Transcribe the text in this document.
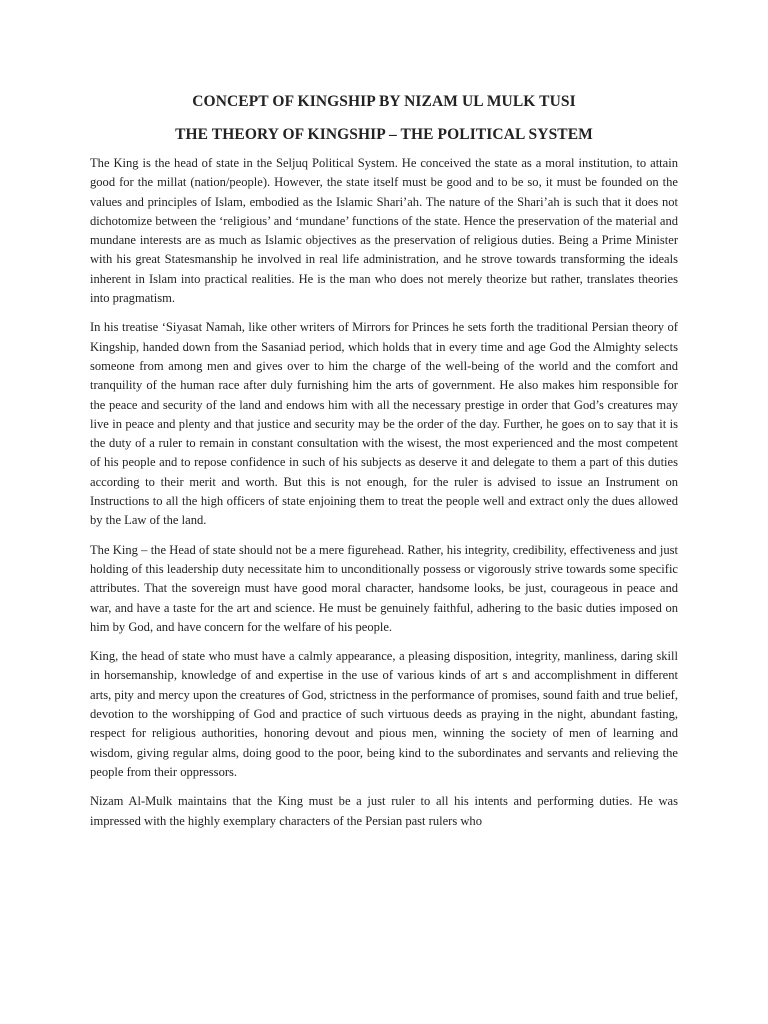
CONCEPT OF KINGSHIP BY NIZAM UL MULK TUSI
THE THEORY OF KINGSHIP – THE POLITICAL SYSTEM

The King is the head of state in the Seljuq Political System. He conceived the state as a moral institution, to attain good for the millat (nation/people). However, the state itself must be good and to be so, it must be founded on the values and principles of Islam, embodied as the Islamic Shari’ah. The nature of the Shari’ah is such that it does not dichotomize between the ‘religious’ and ‘mundane’ functions of the state. Hence the preservation of the material and mundane interests are as much as Islamic objectives as the preservation of religious duties. Being a Prime Minister with his great Statesmanship he involved in real life administration, and he strove towards transforming the ideals inherent in Islam into practical realities. He is the man who does not merely theorize but rather, translates theories into pragmatism.

In his treatise ‘Siyasat Namah, like other writers of Mirrors for Princes he sets forth the traditional Persian theory of Kingship, handed down from the Sasaniad period, which holds that in every time and age God the Almighty selects someone from among men and gives over to him the charge of the well-being of the world and the comfort and tranquility of the human race after duly furnishing him the arts of government. He also makes him responsible for the peace and security of the land and endows him with all the necessary prestige in order that God’s creatures may live in peace and plenty and that justice and security may be the order of the day. Further, he goes on to say that it is the duty of a ruler to remain in constant consultation with the wisest, the most experienced and the most competent of his people and to repose confidence in such of his subjects as deserve it and delegate to them a part of this duties according to their merit and worth. But this is not enough, for the ruler is advised to issue an Instrument on Instructions to all the high officers of state enjoining them to treat the people well and extract only the dues allowed by the Law of the land.

The King – the Head of state should not be a mere figurehead. Rather, his integrity, credibility, effectiveness and just holding of this leadership duty necessitate him to unconditionally possess or vigorously strive towards some specific attributes. That the sovereign must have good moral character, handsome looks, be just, courageous in peace and war, and have a taste for the art and science. He must be genuinely faithful, adhering to the basic duties imposed on him by God, and have concern for the welfare of his people.

King, the head of state who must have a calmly appearance, a pleasing disposition, integrity, manliness, daring skill in horsemanship, knowledge of and expertise in the use of various kinds of art s and accomplishment in different arts, pity and mercy upon the creatures of God, strictness in the performance of promises, sound faith and true belief, devotion to the worshipping of God and practice of such virtuous deeds as praying in the night, abundant fasting, respect for religious authorities, honoring devout and pious men, winning the society of men of learning and wisdom, giving regular alms, doing good to the poor, being kind to the subordinates and servants and relieving the people from their oppressors.

Nizam Al-Mulk maintains that the King must be a just ruler to all his intents and performing duties. He was impressed with the highly exemplary characters of the Persian past rulers who
